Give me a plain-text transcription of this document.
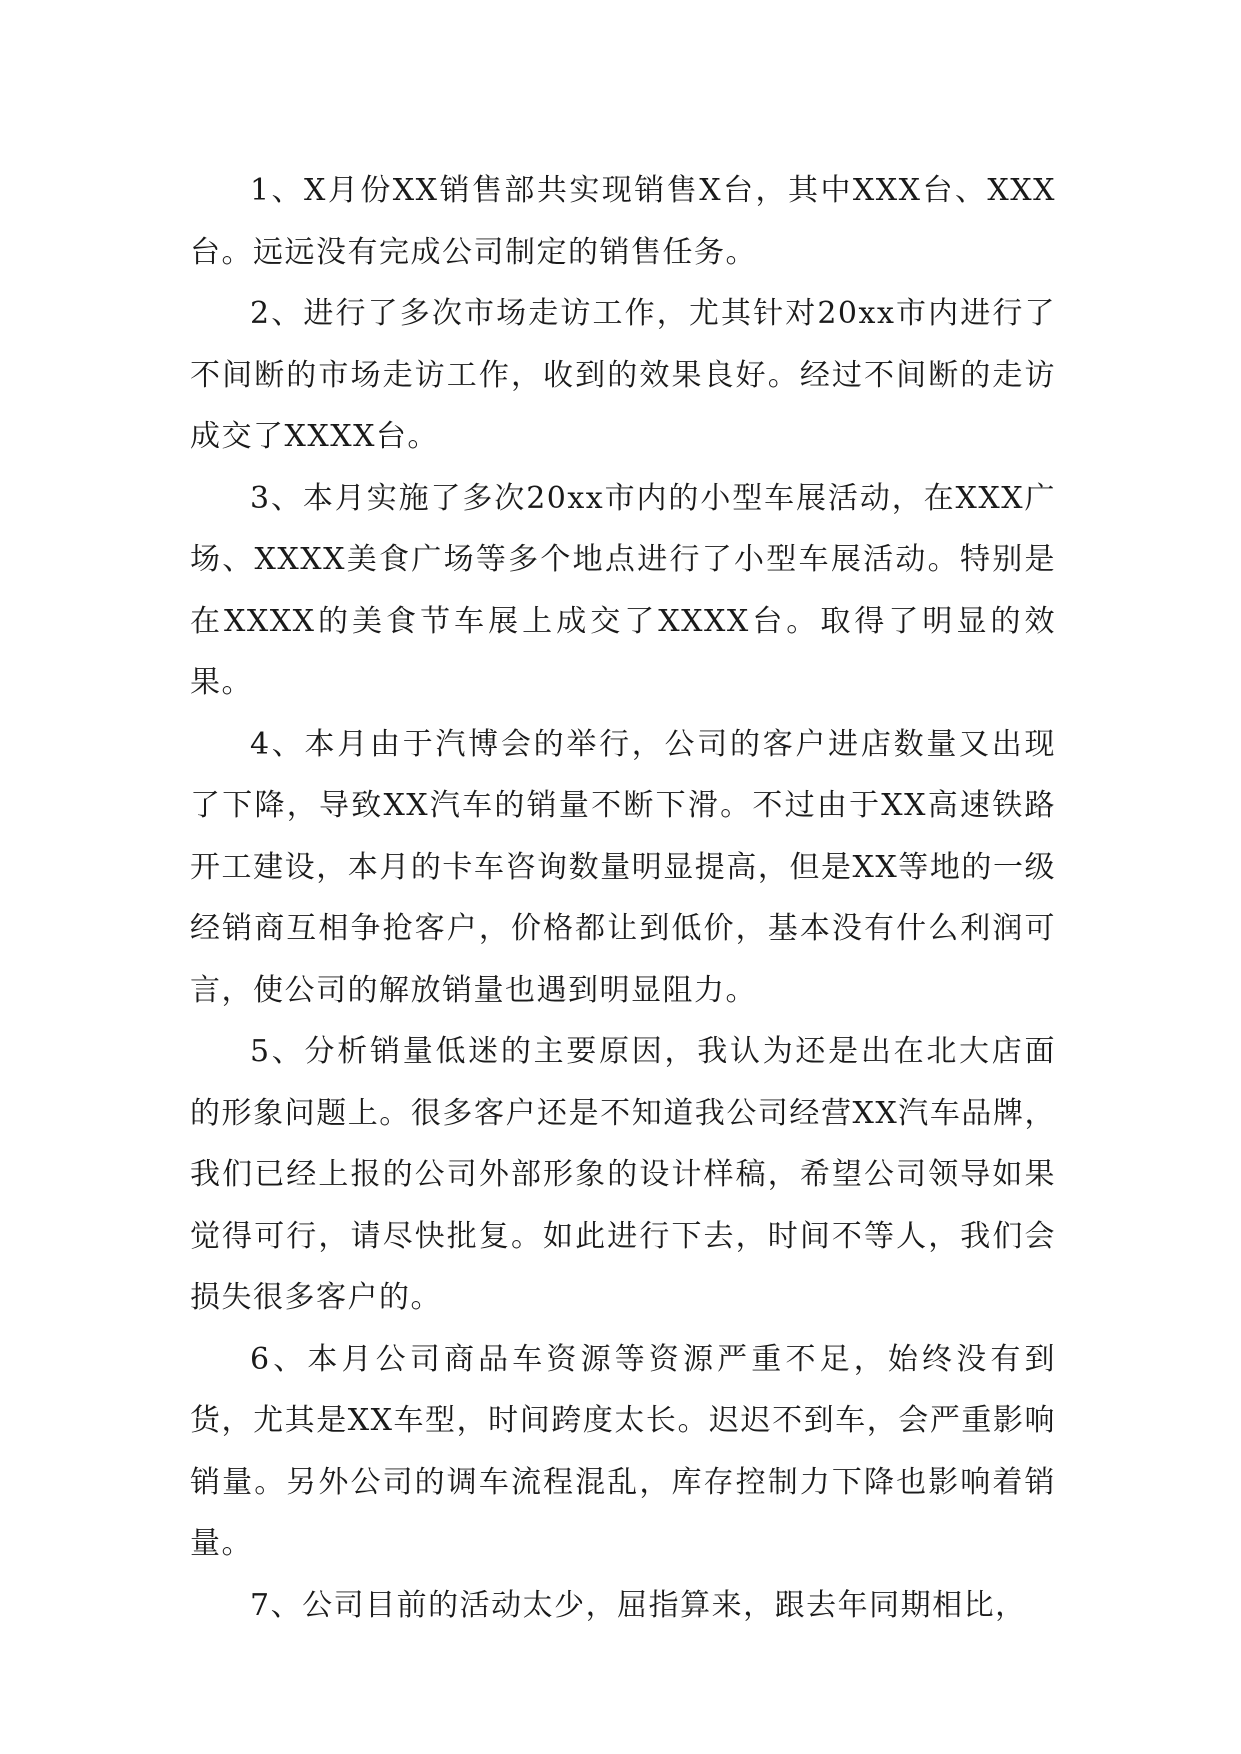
1、X月份XX销售部共实现销售X台，其中XXX台、XXX台。远远没有完成公司制定的销售任务。

2、进行了多次市场走访工作，尤其针对20xx市内进行了不间断的市场走访工作，收到的效果良好。经过不间断的走访成交了XXXX台。

3、本月实施了多次20xx市内的小型车展活动，在XXX广场、XXXX美食广场等多个地点进行了小型车展活动。特别是在XXXX的美食节车展上成交了XXXX台。取得了明显的效果。

4、本月由于汽博会的举行，公司的客户进店数量又出现了下降，导致XX汽车的销量不断下滑。不过由于XX高速铁路开工建设，本月的卡车咨询数量明显提高，但是XX等地的一级经销商互相争抢客户，价格都让到低价，基本没有什么利润可言，使公司的解放销量也遇到明显阻力。

5、分析销量低迷的主要原因，我认为还是出在北大店面的形象问题上。很多客户还是不知道我公司经营XX汽车品牌，我们已经上报的公司外部形象的设计样稿，希望公司领导如果觉得可行，请尽快批复。如此进行下去，时间不等人，我们会损失很多客户的。

6、本月公司商品车资源等资源严重不足，始终没有到货，尤其是XX车型，时间跨度太长。迟迟不到车，会严重影响销量。另外公司的调车流程混乱，库存控制力下降也影响着销量。

7、公司目前的活动太少，屈指算来，跟去年同期相比，
